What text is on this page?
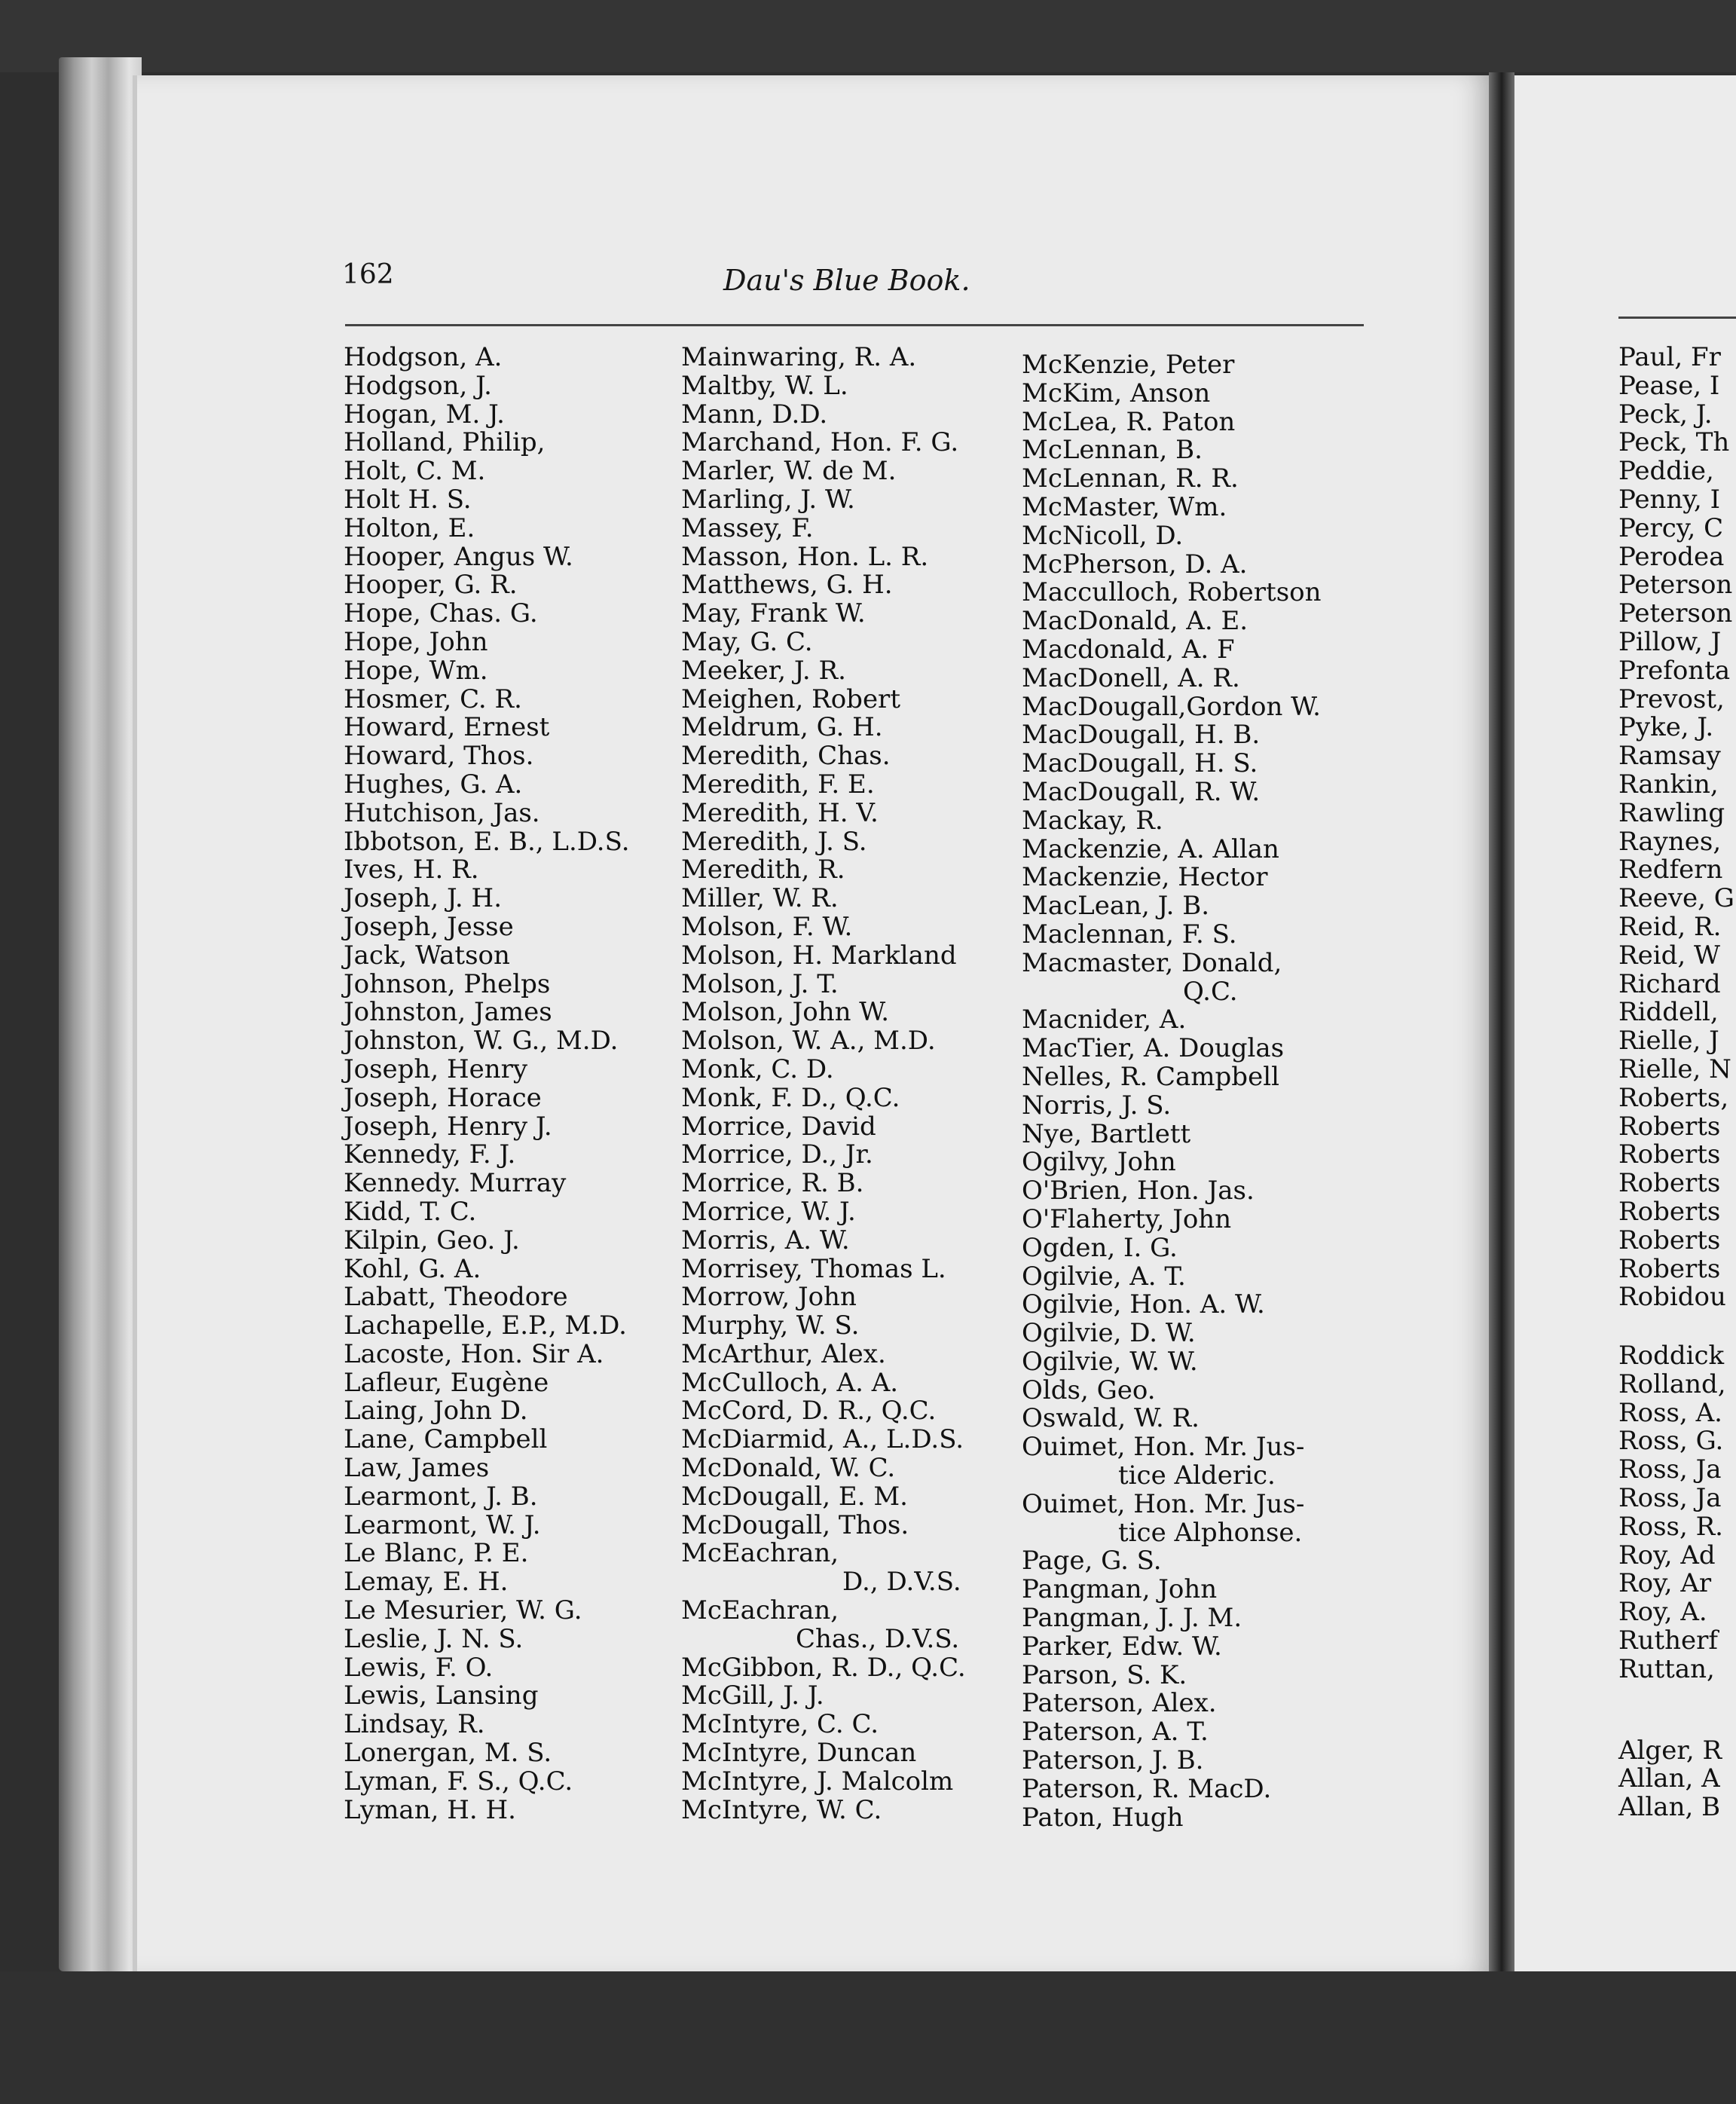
162	Dau's Blue Book.
Hodgson, A.
Hodgson, J.
Hogan, M. J.
Holland, Philip,
Holt, C. M.
Holt H. S.
Holton, E.
Hooper, Angus W.
Hooper, G. R.
Hope, Chas. G.
Hope, John
Hope, Wm.
Hosmer, C. R.
Howard, Ernest
Howard, Thos.
Hughes, G. A.
Hutchison, Jas.
Ibbotson, E. B., L.D.S.
Ives, H. R.
Joseph, J. H.
Joseph, Jesse
Jack, Watson
Johnson, Phelps
Johnston, James
Johnston, W. G., M.D.
Joseph, Henry
Joseph, Horace
Joseph, Henry J.
Kennedy, F. J.
Kennedy. Murray
Kidd, T. C.
Kilpin, Geo. J.
Kohl, G. A.
Labatt, Theodore
Lachapelle, E.P., M.D.
Lacoste, Hon. Sir A.
Lafleur, Eugène
Laing, John D.
Lane, Campbell
Law, James
Learmont, J. B.
Learmont, W. J.
Le Blanc, P. E.
Lemay, E. H.
Le Mesurier, W. G.
Leslie, J. N. S.
Lewis, F. O.
Lewis, Lansing
Lindsay, R.
Lonergan, M. S.
Lyman, F. S., Q.C.
Lyman, H. H.
Mainwaring, R. A.
Maltby, W. L.
Mann, D.D.
Marchand, Hon. F. G.
Marler, W. de M.
Marling, J. W.
Massey, F.
Masson, Hon. L. R.
Matthews, G. H.
May, Frank W.
May, G. C.
Meeker, J. R.
Meighen, Robert
Meldrum, G. H.
Meredith, Chas.
Meredith, F. E.
Meredith, H. V.
Meredith, J. S.
Meredith, R.
Miller, W. R.
Molson, F. W.
Molson, H. Markland
Molson, J. T.
Molson, John W.
Molson, W. A., M.D.
Monk, C. D.
Monk, F. D., Q.C.
Morrice, David
Morrice, D., Jr.
Morrice, R. B.
Morrice, W. J.
Morris, A. W.
Morrisey, Thomas L.
Morrow, John
Murphy, W. S.
McArthur, Alex.
McCulloch, A. A.
McCord, D. R., Q.C.
McDiarmid, A., L.D.S.
McDonald, W. C.
McDougall, E. M.
McDougall, Thos.
McEachran,
D., D.V.S.
McEachran,
Chas., D.V.S.
McGibbon, R. D., Q.C.
McGill, J. J.
McIntyre, C. C.
McIntyre, Duncan
McIntyre, J. Malcolm
McIntyre, W. C.
McKenzie, Peter
McKim, Anson
McLea, R. Paton
McLennan, B.
McLennan, R. R.
McMaster, Wm.
McNicoll, D.
McPherson, D. A.
Macculloch, Robertson
MacDonald, A. E.
Macdonald, A. F
MacDonell, A. R.
MacDougall,Gordon W.
MacDougall, H. B.
MacDougall, H. S.
MacDougall, R. W.
Mackay, R.
Mackenzie, A. Allan
Mackenzie, Hector
MacLean, J. B.
Maclennan, F. S.
Macmaster, Donald,
Q.C.
Macnider, A.
MacTier, A. Douglas
Nelles, R. Campbell
Norris, J. S.
Nye, Bartlett
Ogilvy, John
O'Brien, Hon. Jas.
O'Flaherty, John
Ogden, I. G.
Ogilvie, A. T.
Ogilvie, Hon. A. W.
Ogilvie, D. W.
Ogilvie, W. W.
Olds, Geo.
Oswald, W. R.
Ouimet, Hon. Mr. Jus-
tice Alderic.
Ouimet, Hon. Mr. Jus-
tice Alphonse.
Page, G. S.
Pangman, John
Pangman, J. J. M.
Parker, Edw. W.
Parson, S. K.
Paterson, Alex.
Paterson, A. T.
Paterson, J. B.
Paterson, R. MacD.
Paton, Hugh
Paul, Fr
Pease, I
Peck, J.
Peck, Th
Peddie,
Penny, I
Percy, C
Perodea
Peterson
Peterson
Pillow, J
Prefonta
Prevost,
Pyke, J.
Ramsay
Rankin,
Rawling
Raynes,
Redfern
Reeve, G
Reid, R.
Reid, W
Richard
Riddell,
Rielle, J
Rielle, N
Roberts,
Roberts
Roberts
Roberts
Roberts
Roberts
Roberts
Robidou
Roddick
Rolland,
Ross, A.
Ross, G.
Ross, Ja
Ross, Ja
Ross, R.
Roy, Ad
Roy, Ar
Roy, A.
Rutherf
Ruttan,
Alger, R
Allan, A
Allan, B
